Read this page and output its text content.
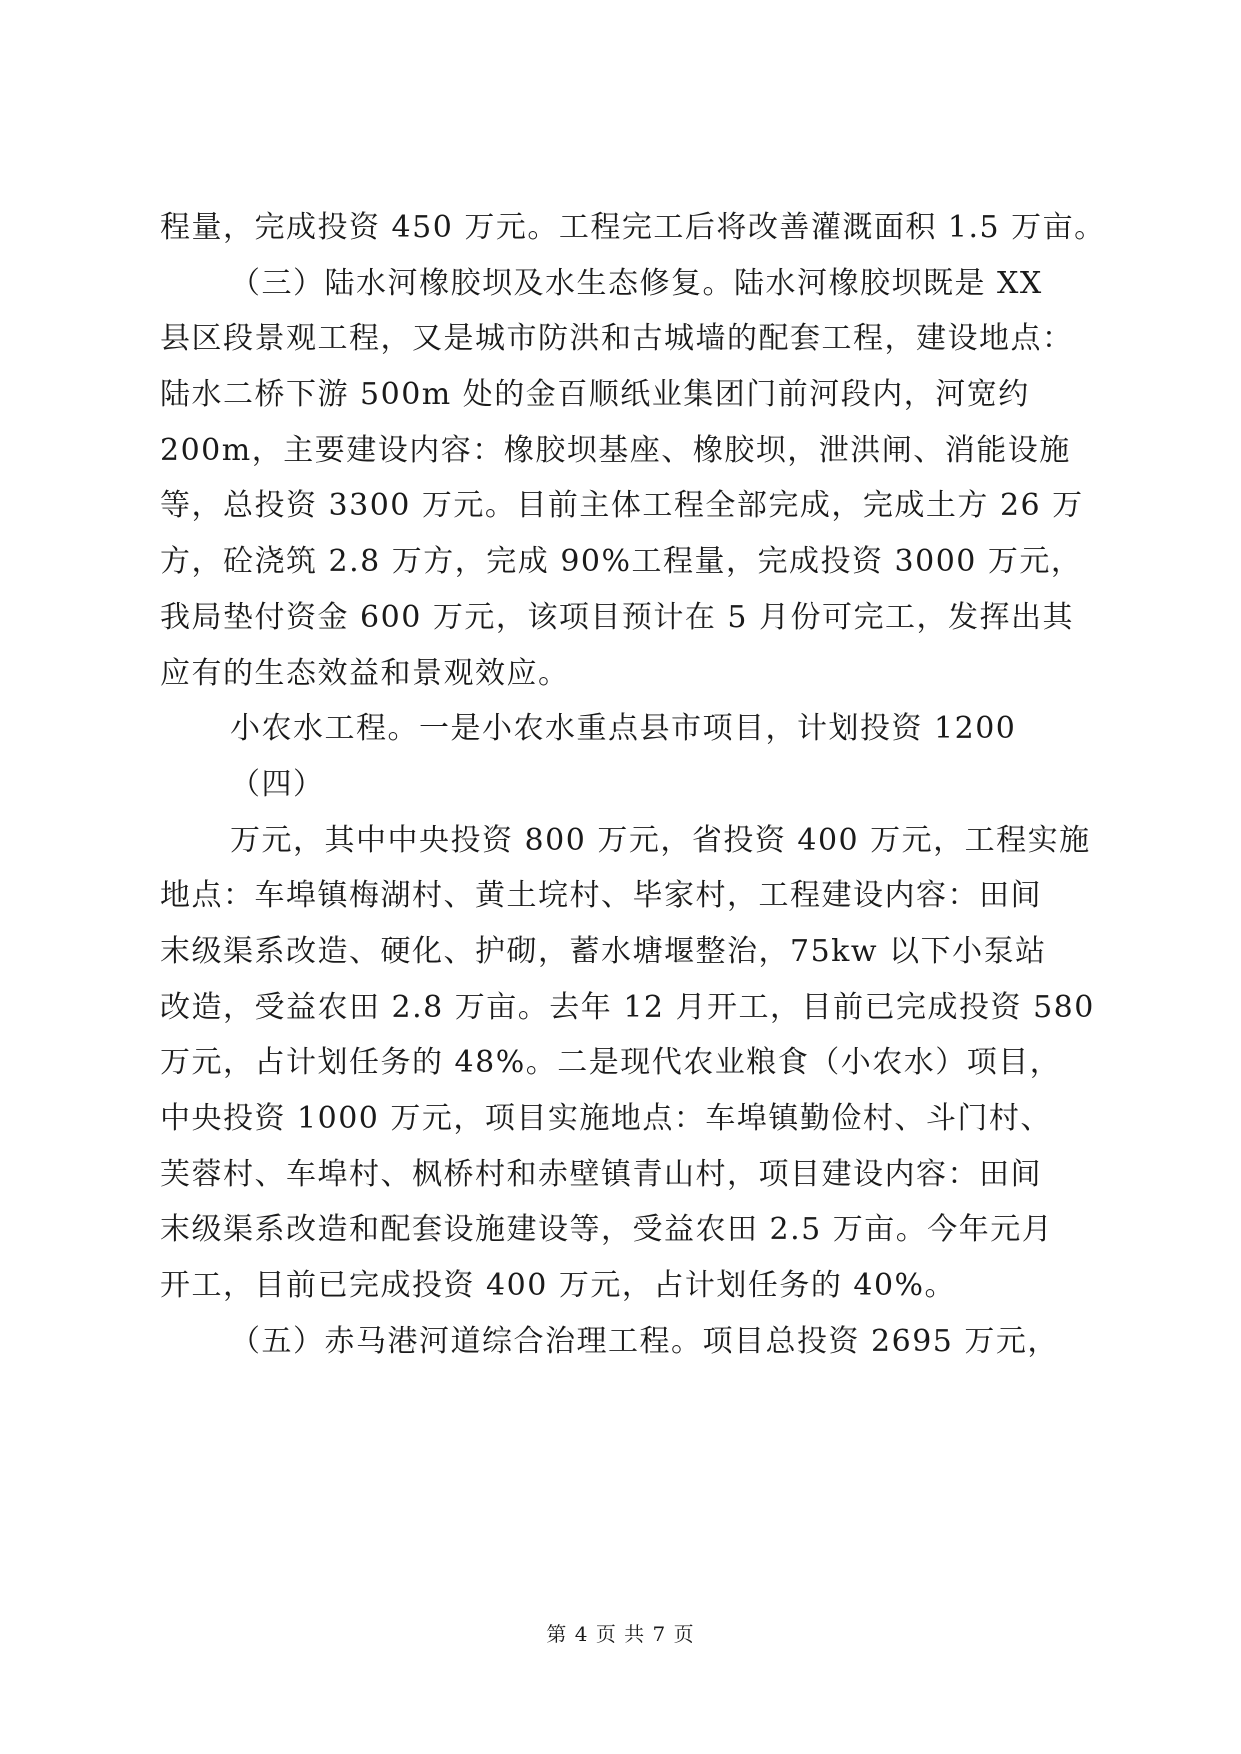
程量，完成投资 450 万元。工程完工后将改善灌溉面积 1.5 万亩。
（三）陆水河橡胶坝及水生态修复。陆水河橡胶坝既是 XX
县区段景观工程，又是城市防洪和古城墙的配套工程，建设地点：
陆水二桥下游 500m 处的金百顺纸业集团门前河段内，河宽约
200m，主要建设内容：橡胶坝基座、橡胶坝，泄洪闸、消能设施
等，总投资 3300 万元。目前主体工程全部完成，完成土方 26 万
方，砼浇筑 2.8 万方，完成 90%工程量，完成投资 3000 万元，
我局垫付资金 600 万元，该项目预计在 5 月份可完工，发挥出其
应有的生态效益和景观效应。
小农水工程。一是小农水重点县市项目，计划投资 1200
（四）
万元，其中中央投资 800 万元，省投资 400 万元，工程实施
地点：车埠镇梅湖村、黄土垸村、毕家村，工程建设内容：田间
末级渠系改造、硬化、护砌，蓄水塘堰整治，75kw 以下小泵站
改造，受益农田 2.8 万亩。去年 12 月开工，目前已完成投资 580
万元，占计划任务的 48%。二是现代农业粮食（小农水）项目，
中央投资 1000 万元，项目实施地点：车埠镇勤俭村、斗门村、
芙蓉村、车埠村、枫桥村和赤壁镇青山村，项目建设内容：田间
末级渠系改造和配套设施建设等，受益农田 2.5 万亩。今年元月
开工，目前已完成投资 400 万元，占计划任务的 40%。
（五）赤马港河道综合治理工程。项目总投资 2695 万元，
第 4 页 共 7 页
